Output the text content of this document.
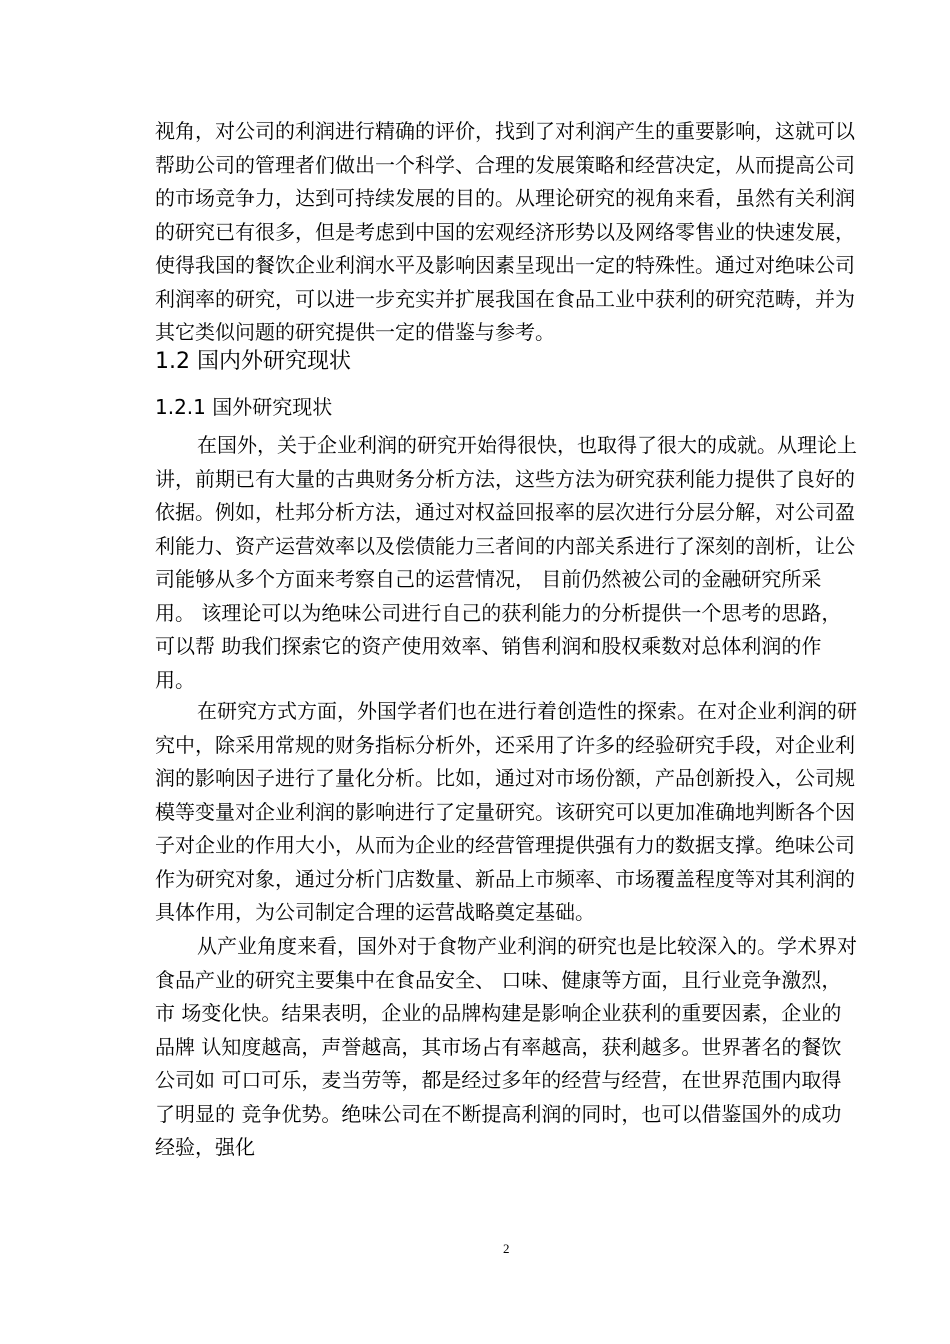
视角，对公司的利润进行精确的评价，找到了对利润产生的重要影响，这就可以
帮助公司的管理者们做出一个科学、合理的发展策略和经营决定，从而提高公司
的市场竞争力，达到可持续发展的目的。从理论研究的视角来看，虽然有关利润
的研究已有很多，但是考虑到中国的宏观经济形势以及网络零售业的快速发展，
使得我国的餐饮企业利润水平及影响因素呈现出一定的特殊性。通过对绝味公司
利润率的研究，可以进一步充实并扩展我国在食品工业中获利的研究范畴，并为
其它类似问题的研究提供一定的借鉴与参考。
1.2 国内外研究现状
1.2.1 国外研究现状
在国外，关于企业利润的研究开始得很快，也取得了很大的成就。从理论上
讲，前期已有大量的古典财务分析方法，这些方法为研究获利能力提供了良好的
依据。例如，杜邦分析方法，通过对权益回报率的层次进行分层分解，对公司盈
利能力、资产运营效率以及偿债能力三者间的内部关系进行了深刻的剖析，让公
司能够从多个方面来考察自己的运营情况， 目前仍然被公司的金融研究所采
用。 该理论可以为绝味公司进行自己的获利能力的分析提供一个思考的思路，
可以帮 助我们探索它的资产使用效率、销售利润和股权乘数对总体利润的作
用。
在研究方式方面，外国学者们也在进行着创造性的探索。在对企业利润的研
究中，除采用常规的财务指标分析外，还采用了许多的经验研究手段，对企业利
润的影响因子进行了量化分析。比如，通过对市场份额，产品创新投入，公司规
模等变量对企业利润的影响进行了定量研究。该研究可以更加准确地判断各个因
子对企业的作用大小，从而为企业的经营管理提供强有力的数据支撑。绝味公司
作为研究对象，通过分析门店数量、新品上市频率、市场覆盖程度等对其利润的
具体作用，为公司制定合理的运营战略奠定基础。
从产业角度来看，国外对于食物产业利润的研究也是比较深入的。学术界对
食品产业的研究主要集中在食品安全、 口味、健康等方面，且行业竞争激烈，
市 场变化快。结果表明，企业的品牌构建是影响企业获利的重要因素，企业的
品牌 认知度越高，声誉越高，其市场占有率越高，获利越多。世界著名的餐饮
公司如 可口可乐，麦当劳等，都是经过多年的经营与经营，在世界范围内取得
了明显的 竞争优势。绝味公司在不断提高利润的同时，也可以借鉴国外的成功
经验，强化
2
